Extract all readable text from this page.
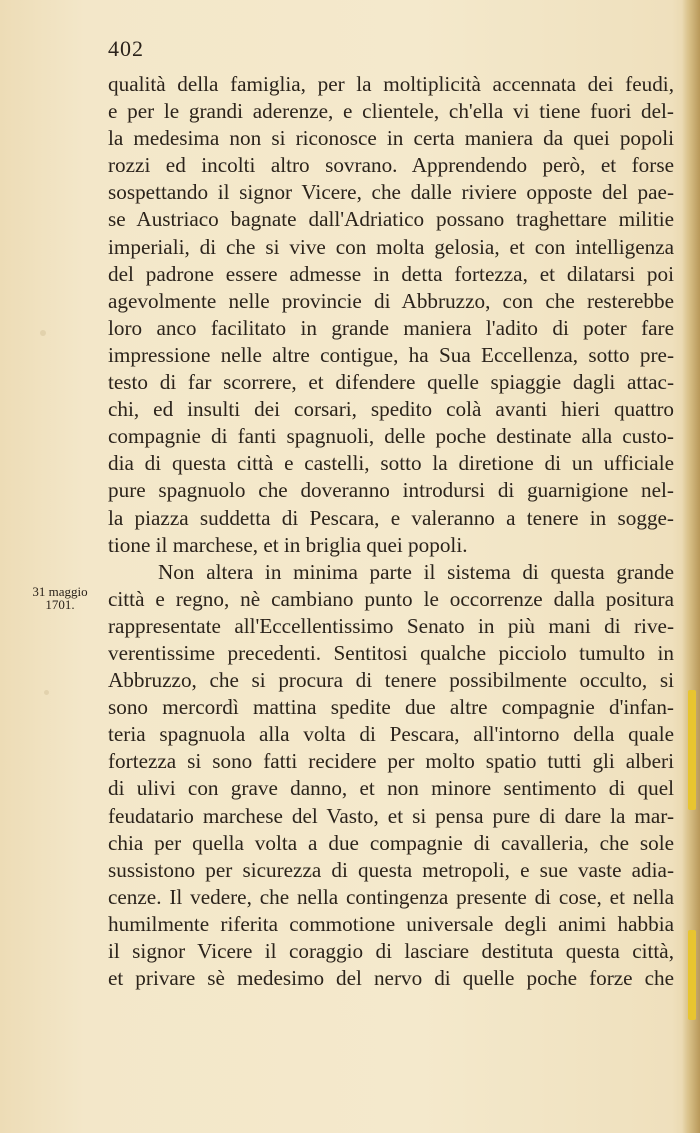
402
31 maggio
1701.
qualità della famiglia, per la moltiplicità accennata dei feudi,
e per le grandi aderenze, e clientele, ch'ella vi tiene fuori del-
la medesima non si riconosce in certa maniera da quei popoli
rozzi ed incolti altro sovrano. Apprendendo però, et forse
sospettando il signor Vicere, che dalle riviere opposte del pae-
se Austriaco bagnate dall'Adriatico possano traghettare militie
imperiali, di che si vive con molta gelosia, et con intelligenza
del padrone essere admesse in detta fortezza, et dilatarsi poi
agevolmente nelle provincie di Abbruzzo, con che resterebbe
loro anco facilitato in grande maniera l'adito di poter fare
impressione nelle altre contigue, ha Sua Eccellenza, sotto pre-
testo di far scorrere, et difendere quelle spiaggie dagli attac-
chi, ed insulti dei corsari, spedito colà avanti hieri quattro
compagnie di fanti spagnuoli, delle poche destinate alla custo-
dia di questa città e castelli, sotto la diretione di un ufficiale
pure spagnuolo che doveranno introdursi di guarnigione nel-
la piazza suddetta di Pescara, e valeranno a tenere in sogge-
tione il marchese, et in briglia quei popoli.
Non altera in minima parte il sistema di questa grande
città e regno, nè cambiano punto le occorrenze dalla positura
rappresentate all'Eccellentissimo Senato in più mani di rive-
verentissime precedenti. Sentitosi qualche picciolo tumulto in
Abbruzzo, che si procura di tenere possibilmente occulto, si
sono mercordì mattina spedite due altre compagnie d'infan-
teria spagnuola alla volta di Pescara, all'intorno della quale
fortezza si sono fatti recidere per molto spatio tutti gli alberi
di ulivi con grave danno, et non minore sentimento di quel
feudatario marchese del Vasto, et si pensa pure di dare la mar-
chia per quella volta a due compagnie di cavalleria, che sole
sussistono per sicurezza di questa metropoli, e sue vaste adia-
cenze. Il vedere, che nella contingenza presente di cose, et nella
humilmente riferita commotione universale degli animi habbia
il signor Vicere il coraggio di lasciare destituta questa città,
et privare sè medesimo del nervo di quelle poche forze che
